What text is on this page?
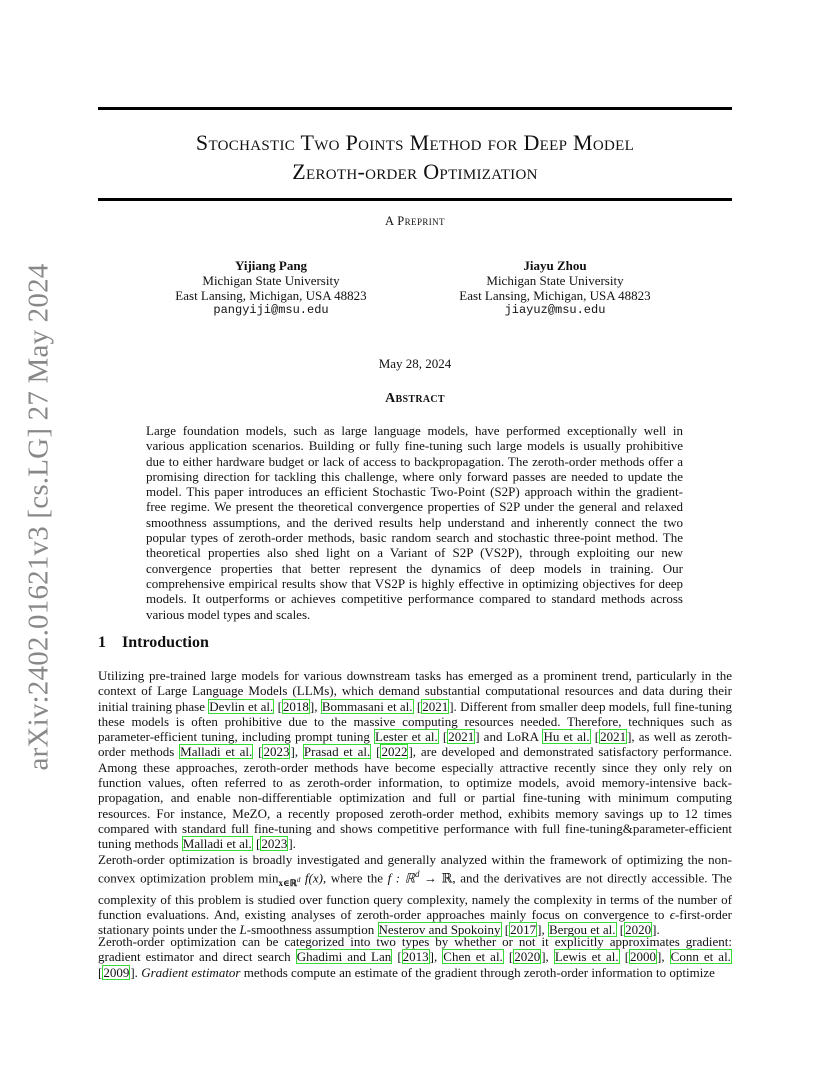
arXiv:2402.01621v3 [cs.LG] 27 May 2024
Stochastic Two Points Method for Deep Model
Zeroth-order Optimization
A Preprint
Yijiang Pang
Michigan State University
East Lansing, Michigan, USA 48823
pangyiji@msu.edu
Jiayu Zhou
Michigan State University
East Lansing, Michigan, USA 48823
jiayuz@msu.edu
May 28, 2024
Abstract
Large foundation models, such as large language models, have performed exceptionally well in various application scenarios. Building or fully fine-tuning such large models is usually prohibitive due to either hardware budget or lack of access to backpropagation. The zeroth-order methods offer a promising direction for tackling this challenge, where only forward passes are needed to update the model. This paper introduces an efficient Stochastic Two-Point (S2P) approach within the gradient-free regime. We present the theoretical convergence properties of S2P under the general and relaxed smoothness assumptions, and the derived results help understand and inherently connect the two popular types of zeroth-order methods, basic random search and stochastic three-point method. The theoretical properties also shed light on a Variant of S2P (VS2P), through exploiting our new convergence properties that better represent the dynamics of deep models in training. Our comprehensive empirical results show that VS2P is highly effective in optimizing objectives for deep models. It outperforms or achieves competitive performance compared to standard methods across various model types and scales.
1 Introduction
Utilizing pre-trained large models for various downstream tasks has emerged as a prominent trend, particularly in the context of Large Language Models (LLMs), which demand substantial computational resources and data during their initial training phase Devlin et al. [2018], Bommasani et al. [2021]. Different from smaller deep models, full fine-tuning these models is often prohibitive due to the massive computing resources needed. Therefore, techniques such as parameter-efficient tuning, including prompt tuning Lester et al. [2021] and LoRA Hu et al. [2021], as well as zeroth-order methods Malladi et al. [2023], Prasad et al. [2022], are developed and demonstrated satisfactory performance. Among these approaches, zeroth-order methods have become especially attractive recently since they only rely on function values, often referred to as zeroth-order information, to optimize models, avoid memory-intensive back-propagation, and enable non-differentiable optimization and full or partial fine-tuning with minimum computing resources. For instance, MeZO, a recently proposed zeroth-order method, exhibits memory savings up to 12 times compared with standard full fine-tuning and shows competitive performance with full fine-tuning&parameter-efficient tuning methods Malladi et al. [2023].
Zeroth-order optimization is broadly investigated and generally analyzed within the framework of optimizing the non-convex optimization problem $\min_{x\in ℝ^d} f(x)$, where the f : ℝ$^d$ → ℝ, and the derivatives are not directly accessible. The complexity of this problem is studied over function query complexity, namely the complexity in terms of the number of function evaluations. And, existing analyses of zeroth-order approaches mainly focus on convergence to ϵ-first-order stationary points under the L-smoothness assumption Nesterov and Spokoiny [2017], Bergou et al. [2020].
Zeroth-order optimization can be categorized into two types by whether or not it explicitly approximates gradient: gradient estimator and direct search Ghadimi and Lan [2013], Chen et al. [2020], Lewis et al. [2000], Conn et al. [2009]. Gradient estimator methods compute an estimate of the gradient through zeroth-order information to optimize
